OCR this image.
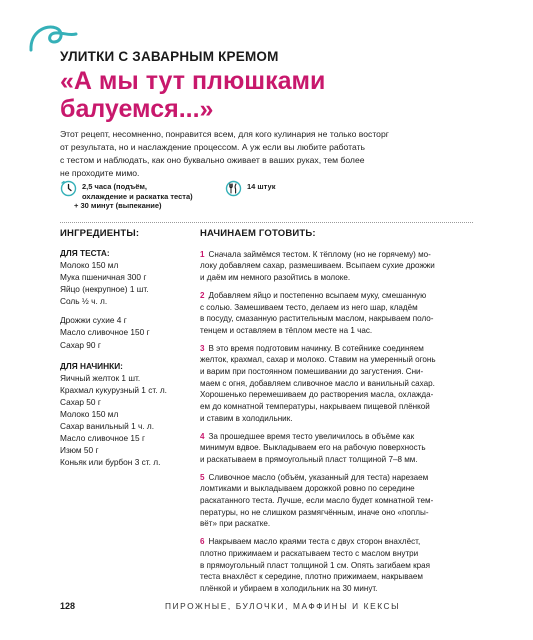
УЛИТКИ С ЗАВАРНЫМ КРЕМОМ
«А мы тут плюшками
балуемся...»
Этот рецепт, несомненно, понравится всем, для кого кулинария не только восторг
от результата, но и наслаждение процессом. А уж если вы любите работать
с тестом и наблюдать, как оно буквально оживает в ваших руках, тем более
не проходите мимо.
2,5 часа (подъём,
охлаждение и раскатка теста)
+ 30 минут (выпекание)
14 штук
ИНГРЕДИЕНТЫ:
ДЛЯ ТЕСТА:
Молоко 150 мл
Мука пшеничная 300 г
Яйцо (некрупное) 1 шт.
Соль ½ ч. л.
Дрожжи сухие 4 г
Масло сливочное 150 г
Сахар 90 г
ДЛЯ НАЧИНКИ:
Яичный желток 1 шт.
Крахмал кукурузный 1 ст. л.
Сахар 50 г
Молоко 150 мл
Сахар ванильный 1 ч. л.
Масло сливочное 15 г
Изюм 50 г
Коньяк или бурбон 3 ст. л.
НАЧИНАЕМ ГОТОВИТЬ:
1 Сначала займёмся тестом. К тёплому (но не горячему) мо-
локу добавляем сахар, размешиваем. Всыпаем сухие дрожжи
и даём им немного разойтись в молоке.
2 Добавляем яйцо и постепенно всыпаем муку, смешанную
с солью. Замешиваем тесто, делаем из него шар, кладём
в посуду, смазанную растительным маслом, накрываем поло-
тенцем и оставляем в тёплом месте на 1 час.
3 В это время подготовим начинку. В сотейнике соединяем
желток, крахмал, сахар и молоко. Ставим на умеренный огонь
и варим при постоянном помешивании до загустения. Сни-
маем с огня, добавляем сливочное масло и ванильный сахар.
Хорошенько перемешиваем до растворения масла, охлажда-
ем до комнатной температуры, накрываем пищевой плёнкой
и ставим в холодильник.
4 За прошедшее время тесто увеличилось в объёме как
минимум вдвое. Выкладываем его на рабочую поверхность
и раскатываем в прямоугольный пласт толщиной 7–8 мм.
5 Сливочное масло (объём, указанный для теста) нарезаем
ломтиками и выкладываем дорожкой ровно по середине
раскатанного теста. Лучше, если масло будет комнатной тем-
пературы, но не слишком размягчённым, иначе оно «поплы-
вёт» при раскатке.
6 Накрываем масло краями теста с двух сторон внахлёст,
плотно прижимаем и раскатываем тесто с маслом внутри
в прямоугольный пласт толщиной 1 см. Опять загибаем края
теста внахлёст к середине, плотно прижимаем, накрываем
плёнкой и убираем в холодильник на 30 минут.
128	ПИРОЖНЫЕ, БУЛОЧКИ, МАФФИНЫ И КЕКСЫ
